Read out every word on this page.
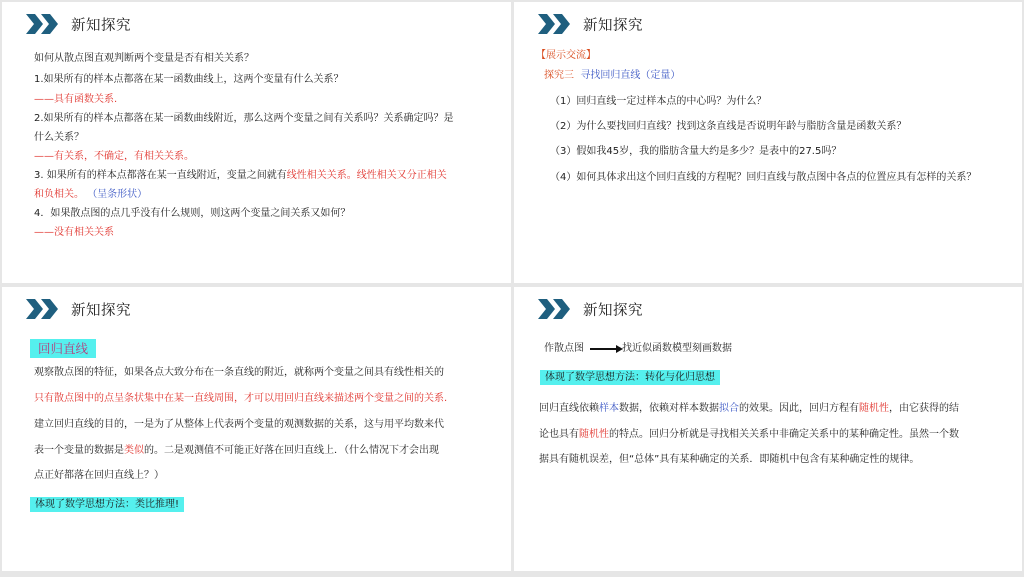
新知探究
如何从散点图直观判断两个变量是否有相关关系？
1.如果所有的样本点都落在某一函数曲线上，这两个变量有什么关系？
——具有函数关系.
2.如果所有的样本点都落在某一函数曲线附近，那么这两个变量之间有关系吗？关系确定吗？是
什么关系？
——有关系，不确定，有相关关系。
3. 如果所有的样本点都落在某一直线附近，变量之间就有线性相关关系。线性相关又分正相关
和负相关。 （呈条形状）
4．如果散点图的点几乎没有什么规则，则这两个变量之间关系又如何？
——没有相关关系
新知探究
【展示交流】
探究三 寻找回归直线（定量）
（1）回归直线一定过样本点的中心吗？为什么？
（2）为什么要找回归直线？找到这条直线是否说明年龄与脂肪含量是函数关系？
（3）假如我45岁，我的脂肪含量大约是多少？是表中的27.5吗？
（4）如何具体求出这个回归直线的方程呢？回归直线与散点图中各点的位置应具有怎样的关系？
新知探究
回归直线
观察散点图的特征，如果各点大致分布在一条直线的附近，就称两个变量之间具有线性相关的
只有散点图中的点呈条状集中在某一直线周围，才可以用回归直线来描述两个变量之间的关系.
建立回归直线的目的，一是为了从整体上代表两个变量的观测数据的关系，这与用平均数来代
表一个变量的数据是类似的。二是观测值不可能正好落在回归直线上．（什么情况下才会出现
点正好都落在回归直线上？）
体现了数学思想方法：类比推理!
新知探究
作散点图	找近似函数模型刻画数据
体现了数学思想方法：转化与化归思想
回归直线依赖样本数据，依赖对样本数据拟合的效果。因此，回归方程有随机性，由它获得的结
论也具有随机性的特点。回归分析就是寻找相关关系中非确定关系中的某种确定性。虽然一个数
据具有随机误差，但“总体”具有某种确定的关系．即随机中包含有某种确定性的规律。
